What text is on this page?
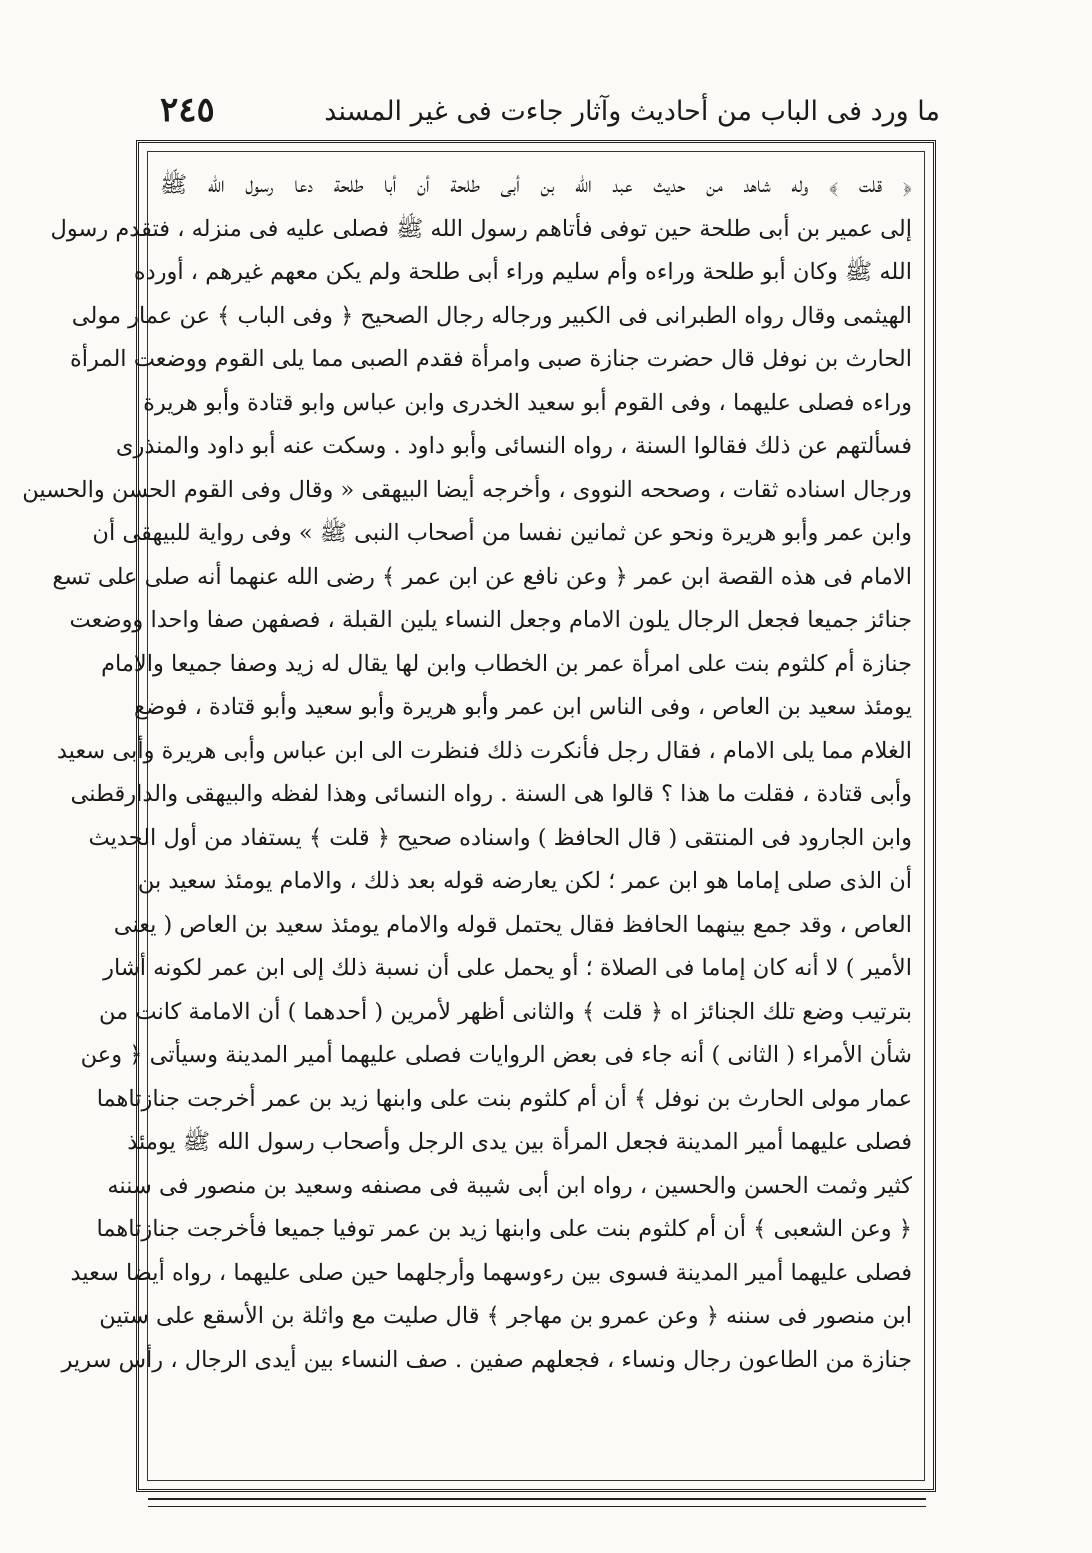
٢٤٥	ما ورد فى الباب من أحاديث وآثار جاءت فى غير المسند
﴿ قلت ﴾ وله شاهد من حديث عبد الله بن أبى طلحة أن أبا طلحة دعا رسول الله ﷺ
إلى عمير بن أبى طلحة حين توفى فأتاهم رسول الله ﷺ فصلى عليه فى منزله ، فتقدم رسول
الله ﷺ وكان أبو طلحة وراءه وأم سليم وراء أبى طلحة ولم يكن معهم غيرهم ، أورده
الهيثمى وقال رواه الطبرانى فى الكبير ورجاله رجال الصحيح ﴿ وفى الباب ﴾ عن عمار مولى
الحارث بن نوفل قال حضرت جنازة صبى وامرأة فقدم الصبى مما يلى القوم ووضعت المرأة
وراءه فصلى عليهما ، وفى القوم أبو سعيد الخدرى وابن عباس وابو قتادة وأبو هريرة
فسألتهم عن ذلك فقالوا السنة ، رواه النسائى وأبو داود . وسكت عنه أبو داود والمنذرى
ورجال اسناده ثقات ، وصححه النووى ، وأخرجه أيضا البيهقى « وقال وفى القوم الحسن والحسين
وابن عمر وأبو هريرة ونحو عن ثمانين نفسا من أصحاب النبى ﷺ » وفى رواية للبيهقى أن
الامام فى هذه القصة ابن عمر ﴿ وعن نافع عن ابن عمر ﴾ رضى الله عنهما أنه صلى على تسع
جنائز جميعا فجعل الرجال يلون الامام وجعل النساء يلين القبلة ، فصفهن صفا واحدا ووضعت
جنازة أم كلثوم بنت على امرأة عمر بن الخطاب وابن لها يقال له زيد وصفا جميعا والامام
يومئذ سعيد بن العاص ، وفى الناس ابن عمر وأبو هريرة وأبو سعيد وأبو قتادة ، فوضع
الغلام مما يلى الامام ، فقال رجل فأنكرت ذلك فنظرت الى ابن عباس وأبى هريرة وأبى سعيد
وأبى قتادة ، فقلت ما هذا ؟ قالوا هى السنة . رواه النسائى وهذا لفظه والبيهقى والدارقطنى
وابن الجارود فى المنتقى ( قال الحافظ ) واسناده صحيح ﴿ قلت ﴾ يستفاد من أول الحديث
أن الذى صلى إماما هو ابن عمر ؛ لكن يعارضه قوله بعد ذلك ، والامام يومئذ سعيد بن
العاص ، وقد جمع بينهما الحافظ فقال يحتمل قوله والامام يومئذ سعيد بن العاص ( يعنى
الأمير ) لا أنه كان إماما فى الصلاة ؛ أو يحمل على أن نسبة ذلك إلى ابن عمر لكونه أشار
بترتيب وضع تلك الجنائز اه ﴿ قلت ﴾ والثانى أظهر لأمرين ( أحدهما ) أن الامامة كانت من
شأن الأمراء ( الثانى ) أنه جاء فى بعض الروايات فصلى عليهما أمير المدينة وسيأتى ﴿ وعن
عمار مولى الحارث بن نوفل ﴾ أن أم كلثوم بنت على وابنها زيد بن عمر أخرجت جنازتاهما
فصلى عليهما أمير المدينة فجعل المرأة بين يدى الرجل وأصحاب رسول الله ﷺ يومئذ
كثير وثمت الحسن والحسين ، رواه ابن أبى شيبة فى مصنفه وسعيد بن منصور فى سننه
﴿ وعن الشعبى ﴾ أن أم كلثوم بنت على وابنها زيد بن عمر توفيا جميعا فأخرجت جنازتاهما
فصلى عليهما أمير المدينة فسوى بين رءوسهما وأرجلهما حين صلى عليهما ، رواه أيضا سعيد
ابن منصور فى سننه ﴿ وعن عمرو بن مهاجر ﴾ قال صليت مع واثلة بن الأسقع على ستين
جنازة من الطاعون رجال ونساء ، فجعلهم صفين . صف النساء بين أيدى الرجال ، رأس سرير
